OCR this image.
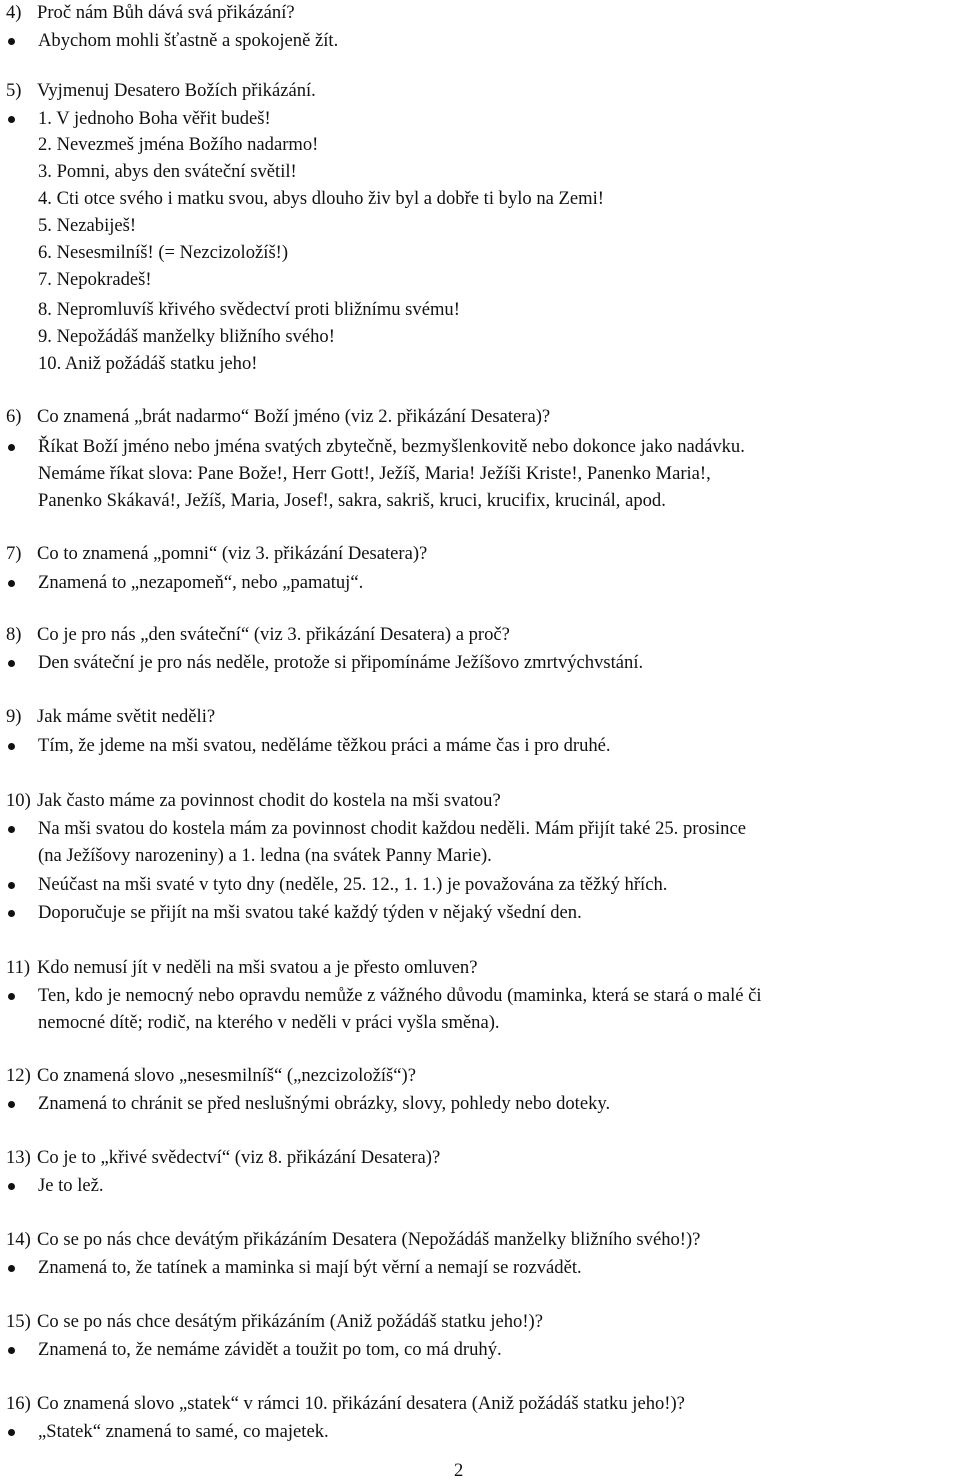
4) Proč nám Bůh dává svá přikázání?
Abychom mohli šťastně a spokojeně žít.
5) Vyjmenuj Desatero Božích přikázání.
1. V jednoho Boha věřit budeš!
2. Nevezmeš jména Božího nadarmo!
3. Pomni, abys den sváteční světil!
4. Cti otce svého i matku svou, abys dlouho živ byl a dobře ti bylo na Zemi!
5. Nezabiješ!
6. Nesesmilníš! (= Nezcizoložíš!)
7. Nepokradeš!
8. Nepromluvíš křivého svědectví proti bližnímu svému!
9. Nepožádáš manželky bližního svého!
10. Aniž požádáš statku jeho!
6) Co znamená „brát nadarmo“ Boží jméno (viz 2. přikázání Desatera)?
Říkat Boží jméno nebo jména svatých zbytečně, bezmyšlenkovitě nebo dokonce jako nadávku.
Nemáme říkat slova: Pane Bože!, Herr Gott!, Ježíš, Maria! Ježíši Kriste!, Panenko Maria!,
Panenko Skákavá!, Ježíš, Maria, Josef!, sakra, sakriš, kruci, krucifix, krucinál, apod.
7) Co to znamená „pomni“ (viz 3. přikázání Desatera)?
Znamená to „nezapomeň“, nebo „pamatuj“.
8) Co je pro nás „den sváteční“ (viz 3. přikázání Desatera) a proč?
Den sváteční je pro nás neděle, protože si připomínáme Ježíšovo zmrtvýchvstání.
9) Jak máme světit neděli?
Tím, že jdeme na mši svatou, neděláme těžkou práci a máme čas i pro druhé.
10) Jak často máme za povinnost chodit do kostela na mši svatou?
Na mši svatou do kostela mám za povinnost chodit každou neděli. Mám přijít také 25. prosince
(na Ježíšovy narozeniny) a 1. ledna (na svátek Panny Marie).
Neúčast na mši svaté v tyto dny (neděle, 25. 12., 1. 1.) je považována za těžký hřích.
Doporučuje se přijít na mši svatou také každý týden v nějaký všední den.
11) Kdo nemusí jít v neděli na mši svatou a je přesto omluven?
Ten, kdo je nemocný nebo opravdu nemůže z vážného důvodu (maminka, která se stará o malé či
nemocné dítě; rodič, na kterého v neděli v práci vyšla směna).
12) Co znamená slovo „nesesmilníš“ („nezcizoložíš“)?
Znamená to chránit se před neslušnými obrázky, slovy, pohledy nebo doteky.
13) Co je to „křivé svědectví“ (viz 8. přikázání Desatera)?
Je to lež.
14) Co se po nás chce devátým přikázáním Desatera (Nepožádáš manželky bližního svého!)?
Znamená to, že tatínek a maminka si mají být věrní a nemají se rozvádět.
15) Co se po nás chce desátým přikázáním (Aniž požádáš statku jeho!)?
Znamená to, že nemáme závidět a toužit po tom, co má druhý.
16) Co znamená slovo „statek“ v rámci 10. přikázání desatera (Aniž požádáš statku jeho!)?
„Statek“ znamená to samé, co majetek.
2
